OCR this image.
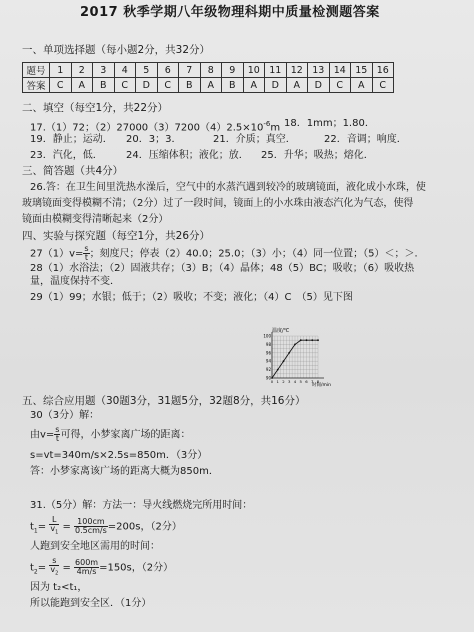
2017 秋季学期八年级物理科期中质量检测题答案
一、单项选择题（每小题2分，共32分）
题号	1	2	3	4	5	6	7	8	9	10	11	12	13	14	15	16
答案	C	A	B	C	D	C	B	A	B	A	D	A	D	C	A	C
二、填空（每空1分，共22分）
17.（1）72；$(2)27000(3)7200(4)2.5\times 10^{-6}m$ 18．1mm；1.80．
19．静止；运动． 20．3；3．	21．介质；真空．	22．音调；响度．
23．汽化，低． 24．压缩体积；液化；放． 25．升华；吸热；熔化．
三、简答题（共4分）
26.答：在卫生间里洗热水澡后，空气中的水蒸汽遇到较冷的玻璃镜面，液化成小水珠，使
玻璃镜面变得模糊不清；（2分）过了一段时间，镜面上的小水珠由液态汽化为气态，使得
镜面由模糊变得清晰起来（2分）
四、实验与探究题（每空1分，共26分）
$27(1)v= \frac{s}{t}$ ；刻度尺；停表（2）40.0；25.0；（3）小；（4）同一位置；（5）＜；＞．
28（1）水浴法；（2）固液共存；（3）B；（4）晶体；48（5）BC；吸收；（6）吸收热
量，温度保持不变．
29（1）99；水银；低于；（2）吸收；不变；液化；（4）C　（5）见下图
温度/℃
时间/min
100
98
96
94
92
90
0 1 2 3 4 5 6 7 8
五、综合应用题（30题3分，31题5分，32题8分，共16分）
30（3分）解：
由$v= \frac{s}{t}$ 可得，小梦家离广场的距离：
s=vt=340m/s×2.5s=850m．（3分）
答：小梦家离该广场的距离大概为850m．
31.（5分）解：方法一：导火线燃烧完所用时间：
$t_1= \frac{L}{v_1} = \frac{100cm}{0.5cm/s} =200s$，（2分）
人跑到安全地区需用的时间：
$t_2= \frac{s}{v_2} = \frac{600m}{4m/s} =150s$，（2分）
因为 t₂<t₁，
所以能跑到安全区．（1分）
